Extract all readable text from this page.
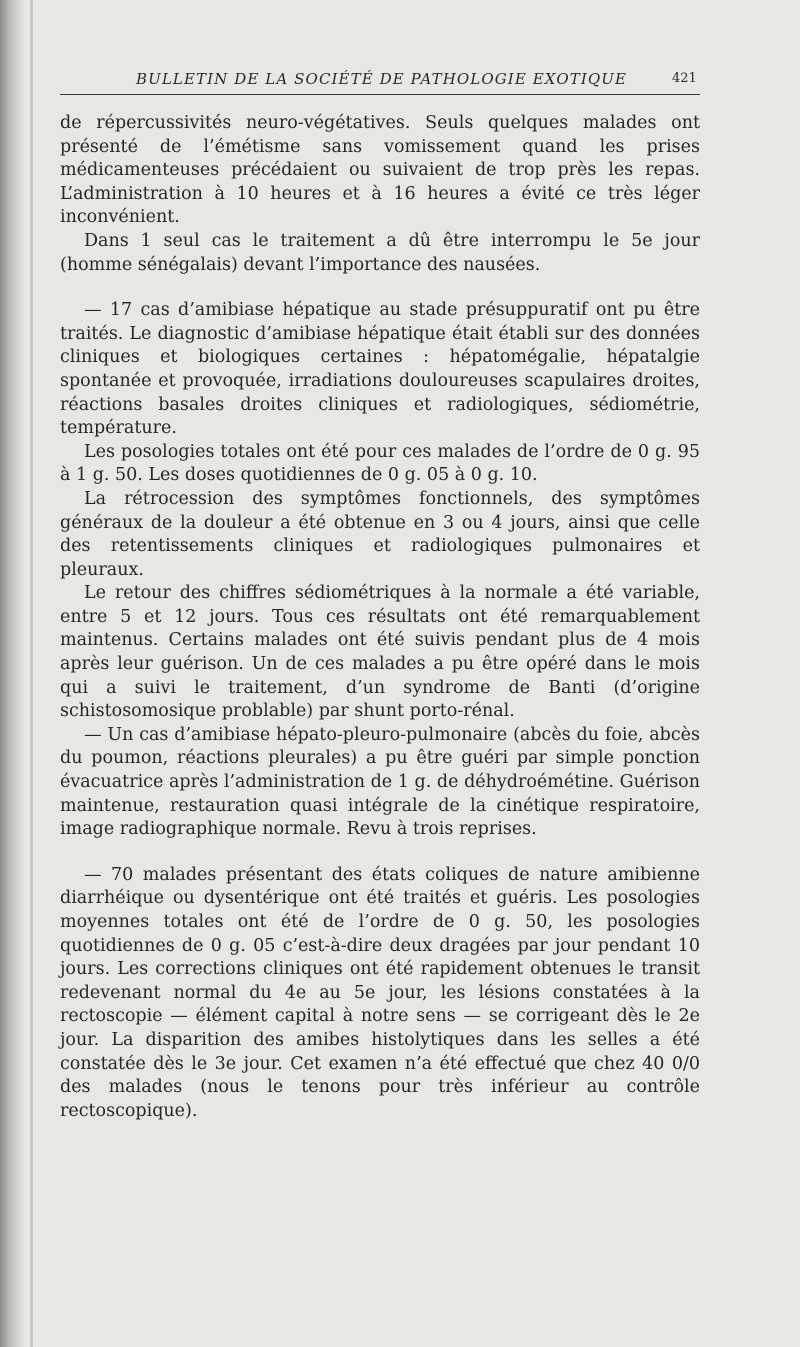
BULLETIN DE LA SOCIÉTÉ DE PATHOLOGIE EXOTIQUE	421

de répercussivités neuro-végétatives. Seuls quelques malades ont présenté de l’émétisme sans vomissement quand les prises médicamenteuses précédaient ou suivaient de trop près les repas. L’administration à 10 heures et à 16 heures a évité ce très léger inconvénient.

Dans 1 seul cas le traitement a dû être interrompu le 5e jour (homme sénégalais) devant l’importance des nausées.

— 17 cas d’amibiase hépatique au stade présuppuratif ont pu être traités. Le diagnostic d’amibiase hépatique était établi sur des données cliniques et biologiques certaines : hépatomégalie, hépatalgie spontanée et provoquée, irradiations douloureuses scapulaires droites, réactions basales droites cliniques et radiologiques, sédiométrie, température.

Les posologies totales ont été pour ces malades de l’ordre de 0 g. 95 à 1 g. 50. Les doses quotidiennes de 0 g. 05 à 0 g. 10.

La rétrocession des symptômes fonctionnels, des symptômes généraux de la douleur a été obtenue en 3 ou 4 jours, ainsi que celle des retentissements cliniques et radiologiques pulmonaires et pleuraux.

Le retour des chiffres sédiométriques à la normale a été variable, entre 5 et 12 jours. Tous ces résultats ont été remarquablement maintenus. Certains malades ont été suivis pendant plus de 4 mois après leur guérison. Un de ces malades a pu être opéré dans le mois qui a suivi le traitement, d’un syndrome de Banti (d’origine schistosomosique problable) par shunt porto-rénal.

— Un cas d’amibiase hépato-pleuro-pulmonaire (abcès du foie, abcès du poumon, réactions pleurales) a pu être guéri par simple ponction évacuatrice après l’administration de 1 g. de déhydroémétine. Guérison maintenue, restauration quasi intégrale de la cinétique respiratoire, image radiographique normale. Revu à trois reprises.

— 70 malades présentant des états coliques de nature amibienne diarrhéique ou dysentérique ont été traités et guéris. Les posologies moyennes totales ont été de l’ordre de 0 g. 50, les posologies quotidiennes de 0 g. 05 c’est-à-dire deux dragées par jour pendant 10 jours. Les corrections cliniques ont été rapidement obtenues le transit redevenant normal du 4e au 5e jour, les lésions constatées à la rectoscopie — élément capital à notre sens — se corrigeant dès le 2e jour. La disparition des amibes histolytiques dans les selles a été constatée dès le 3e jour. Cet examen n’a été effectué que chez 40 0/0 des malades (nous le tenons pour très inférieur au contrôle rectoscopique).
